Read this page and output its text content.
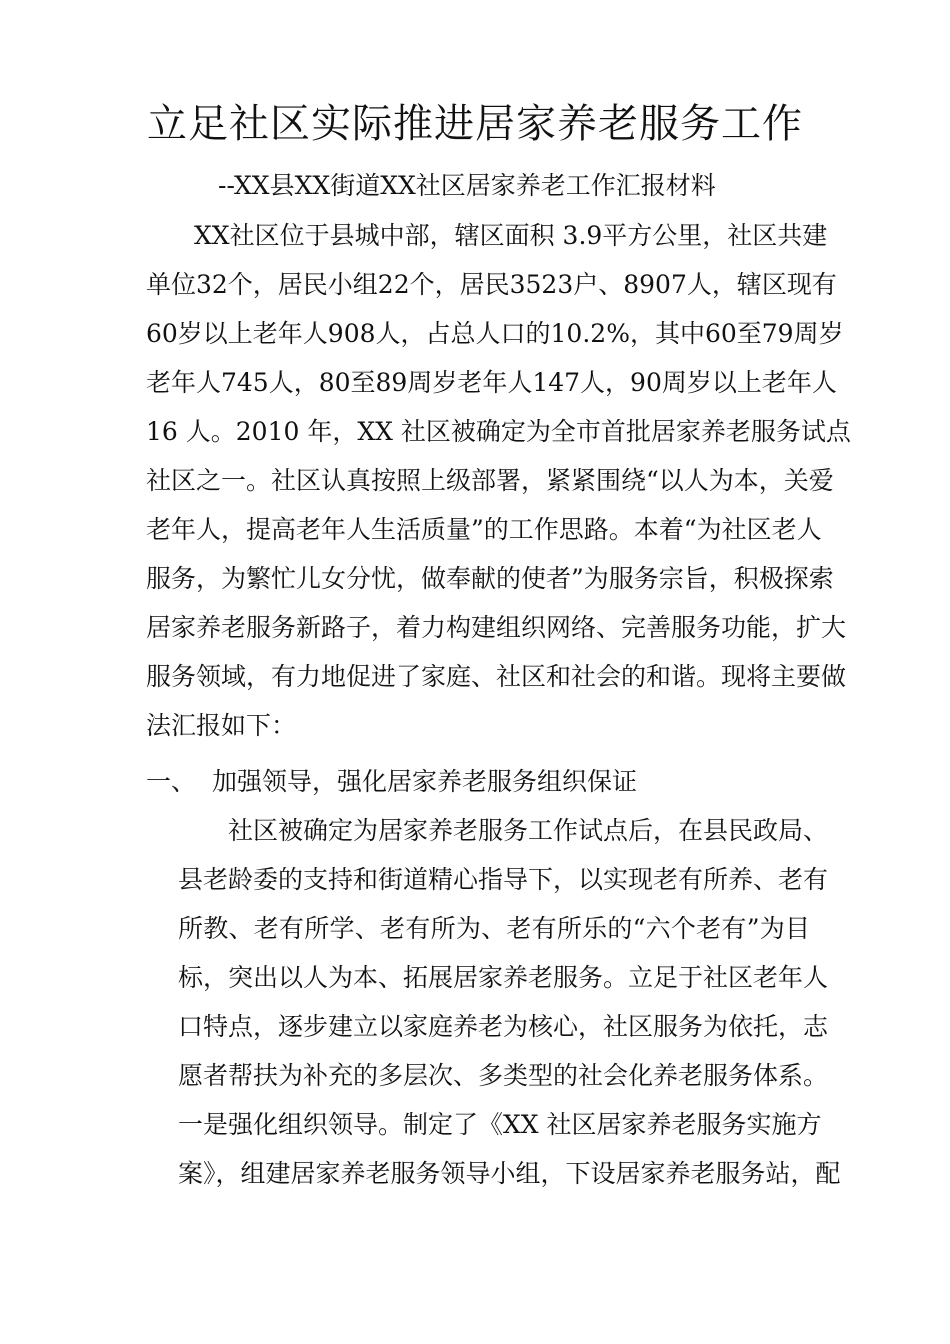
立足社区实际推进居家养老服务工作
--XX县XX街道XX社区居家养老工作汇报材料
XX社区位于县城中部，辖区面积 3.9平方公里，社区共建
单位32个，居民小组22个，居民3523户、8907人，辖区现有
60岁以上老年人908人，占总人口的10.2%，其中60至79周岁
老年人745人，80至89周岁老年人147人，90周岁以上老年人
16 人。2010 年，XX 社区被确定为全市首批居家养老服务试点
社区之一。社区认真按照上级部署，紧紧围绕“以人为本，关爱
老年人，提高老年人生活质量”的工作思路。本着“为社区老人
服务，为繁忙儿女分忧，做奉献的使者”为服务宗旨，积极探索
居家养老服务新路子，着力构建组织网络、完善服务功能，扩大
服务领域，有力地促进了家庭、社区和社会的和谐。现将主要做
法汇报如下：
一、 加强领导，强化居家养老服务组织保证
社区被确定为居家养老服务工作试点后，在县民政局、
县老龄委的支持和街道精心指导下，以实现老有所养、老有
所教、老有所学、老有所为、老有所乐的“六个老有”为目
标，突出以人为本、拓展居家养老服务。立足于社区老年人
口特点，逐步建立以家庭养老为核心，社区服务为依托，志
愿者帮扶为补充的多层次、多类型的社会化养老服务体系。
一是强化组织领导。制定了《XX 社区居家养老服务实施方
案》，组建居家养老服务领导小组，下设居家养老服务站，配
